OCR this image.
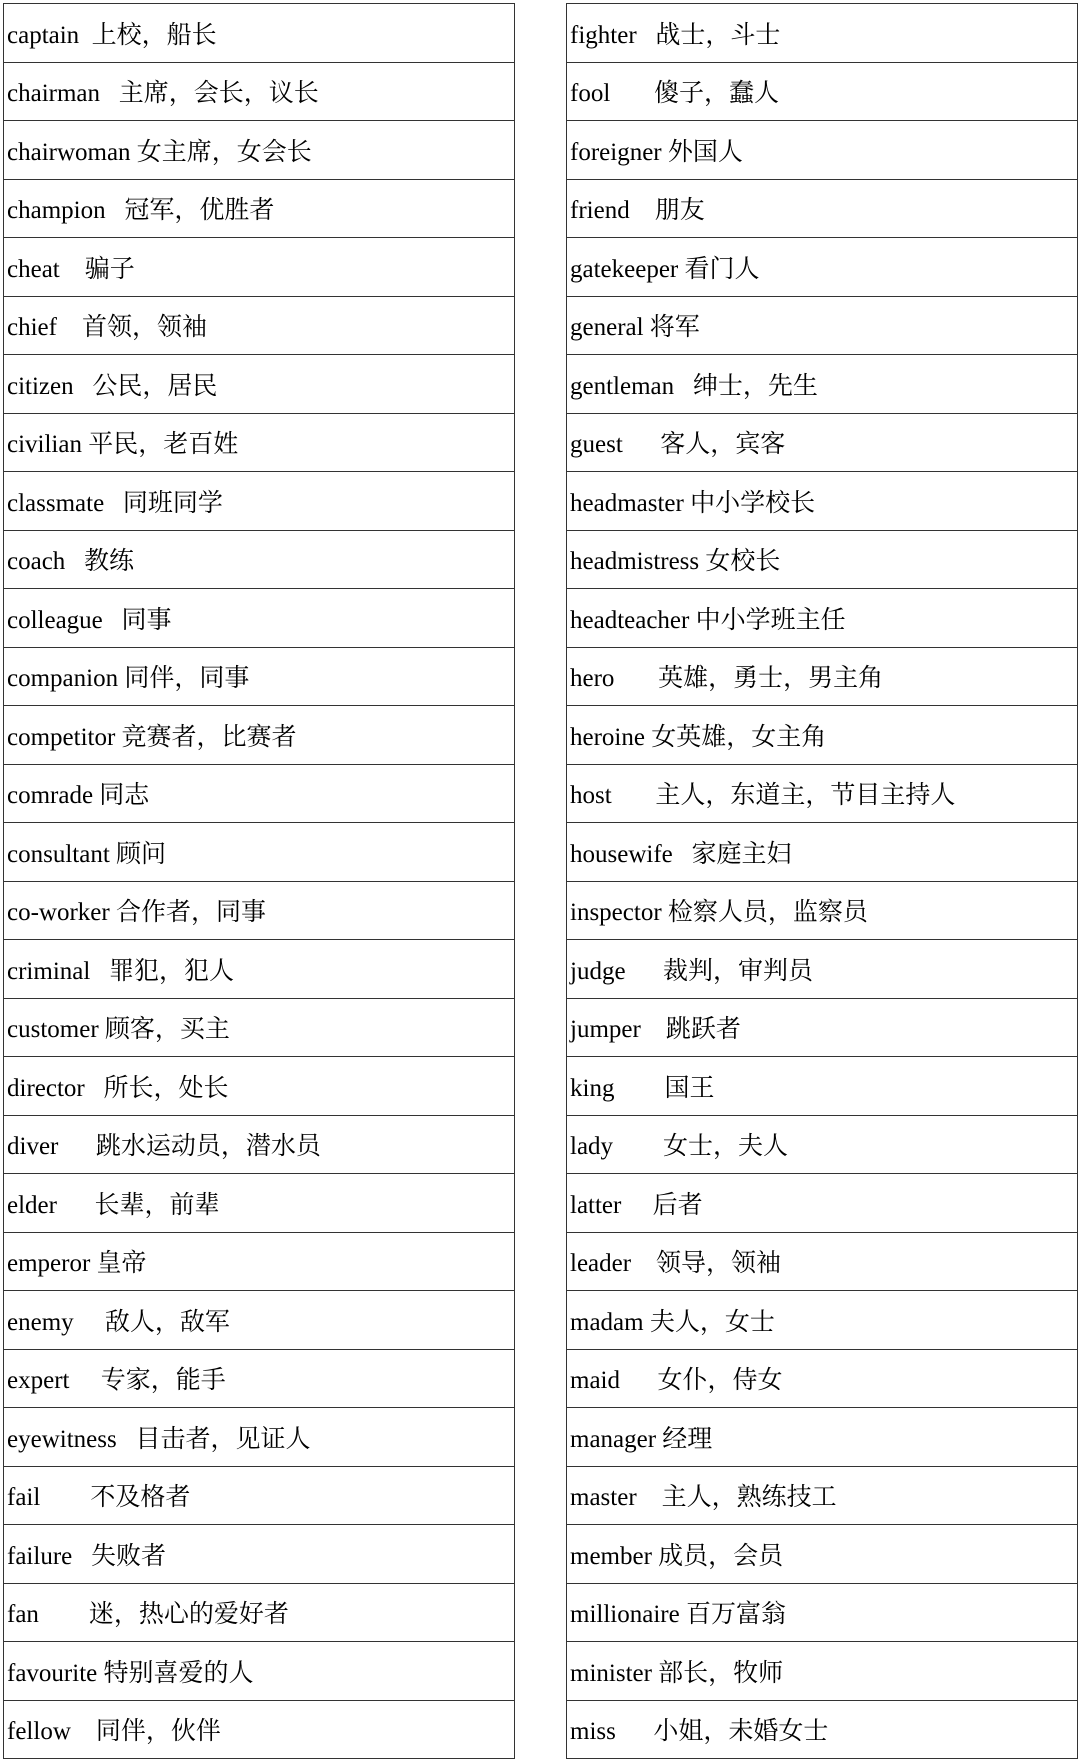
captain  上校，船长
chairman   主席，会长，议长
chairwoman 女主席，女会长
champion   冠军，优胜者
cheat    骗子
chief    首领，领袖
citizen   公民，居民
civilian 平民，老百姓
classmate   同班同学
coach   教练
colleague   同事
companion 同伴，同事
competitor 竞赛者，比赛者
comrade 同志
consultant 顾问
co-worker 合作者，同事
criminal   罪犯，犯人
customer 顾客，买主
director   所长，处长
diver      跳水运动员，潜水员
elder      长辈，前辈
emperor 皇帝
enemy     敌人，敌军
expert     专家，能手
eyewitness   目击者，见证人
fail        不及格者
failure   失败者
fan        迷，热心的爱好者
favourite 特别喜爱的人
fellow    同伴，伙伴
fighter   战士，斗士
fool       傻子，蠢人
foreigner 外国人
friend    朋友
gatekeeper 看门人
general 将军
gentleman   绅士，先生
guest      客人，宾客
headmaster 中小学校长
headmistress 女校长
headteacher 中小学班主任
hero       英雄，勇士，男主角
heroine 女英雄，女主角
host       主人，东道主，节目主持人
housewife   家庭主妇
inspector 检察人员，监察员
judge      裁判，审判员
jumper    跳跃者
king        国王
lady        女士，夫人
latter     后者
leader    领导，领袖
madam 夫人，女士
maid      女仆，侍女
manager 经理
master    主人，熟练技工
member 成员，会员
millionaire 百万富翁
minister 部长，牧师
miss      小姐，未婚女士
